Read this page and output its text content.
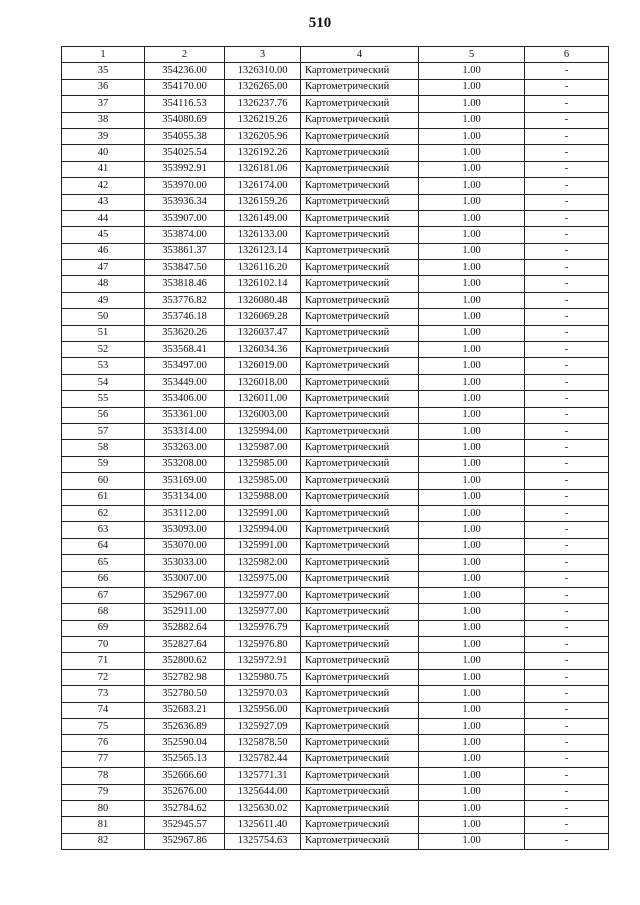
510
1	2	3	4	5	6
35	354236.00	1326310.00	Картометрический	1.00	-
36	354170.00	1326265.00	Картометрический	1.00	-
37	354116.53	1326237.76	Картометрический	1.00	-
38	354080.69	1326219.26	Картометрический	1.00	-
39	354055.38	1326205.96	Картометрический	1.00	-
40	354025.54	1326192.26	Картометрический	1.00	-
41	353992.91	1326181.06	Картометрический	1.00	-
42	353970.00	1326174.00	Картометрический	1.00	-
43	353936.34	1326159.26	Картометрический	1.00	-
44	353907.00	1326149.00	Картометрический	1.00	-
45	353874.00	1326133.00	Картометрический	1.00	-
46	353861.37	1326123.14	Картометрический	1.00	-
47	353847.50	1326116.20	Картометрический	1.00	-
48	353818.46	1326102.14	Картометрический	1.00	-
49	353776.82	1326080.48	Картометрический	1.00	-
50	353746.18	1326069.28	Картометрический	1.00	-
51	353620.26	1326037.47	Картометрический	1.00	-
52	353568.41	1326034.36	Картометрический	1.00	-
53	353497.00	1326019.00	Картометрический	1.00	-
54	353449.00	1326018.00	Картометрический	1.00	-
55	353406.00	1326011.00	Картометрический	1.00	-
56	353361.00	1326003.00	Картометрический	1.00	-
57	353314.00	1325994.00	Картометрический	1.00	-
58	353263.00	1325987.00	Картометрический	1.00	-
59	353208.00	1325985.00	Картометрический	1.00	-
60	353169.00	1325985.00	Картометрический	1.00	-
61	353134.00	1325988.00	Картометрический	1.00	-
62	353112.00	1325991.00	Картометрический	1.00	-
63	353093.00	1325994.00	Картометрический	1.00	-
64	353070.00	1325991.00	Картометрический	1.00	-
65	353033.00	1325982.00	Картометрический	1.00	-
66	353007.00	1325975.00	Картометрический	1.00	-
67	352967.00	1325977.00	Картометрический	1.00	-
68	352911.00	1325977.00	Картометрический	1.00	-
69	352882.64	1325976.79	Картометрический	1.00	-
70	352827.64	1325976.80	Картометрический	1.00	-
71	352800.62	1325972.91	Картометрический	1.00	-
72	352782.98	1325980.75	Картометрический	1.00	-
73	352780.50	1325970.03	Картометрический	1.00	-
74	352683.21	1325956.00	Картометрический	1.00	-
75	352636.89	1325927.09	Картометрический	1.00	-
76	352590.04	1325878.50	Картометрический	1.00	-
77	352565.13	1325782.44	Картометрический	1.00	-
78	352666.60	1325771.31	Картометрический	1.00	-
79	352676.00	1325644.00	Картометрический	1.00	-
80	352784.62	1325630.02	Картометрический	1.00	-
81	352945.57	1325611.40	Картометрический	1.00	-
82	352967.86	1325754.63	Картометрический	1.00	-
